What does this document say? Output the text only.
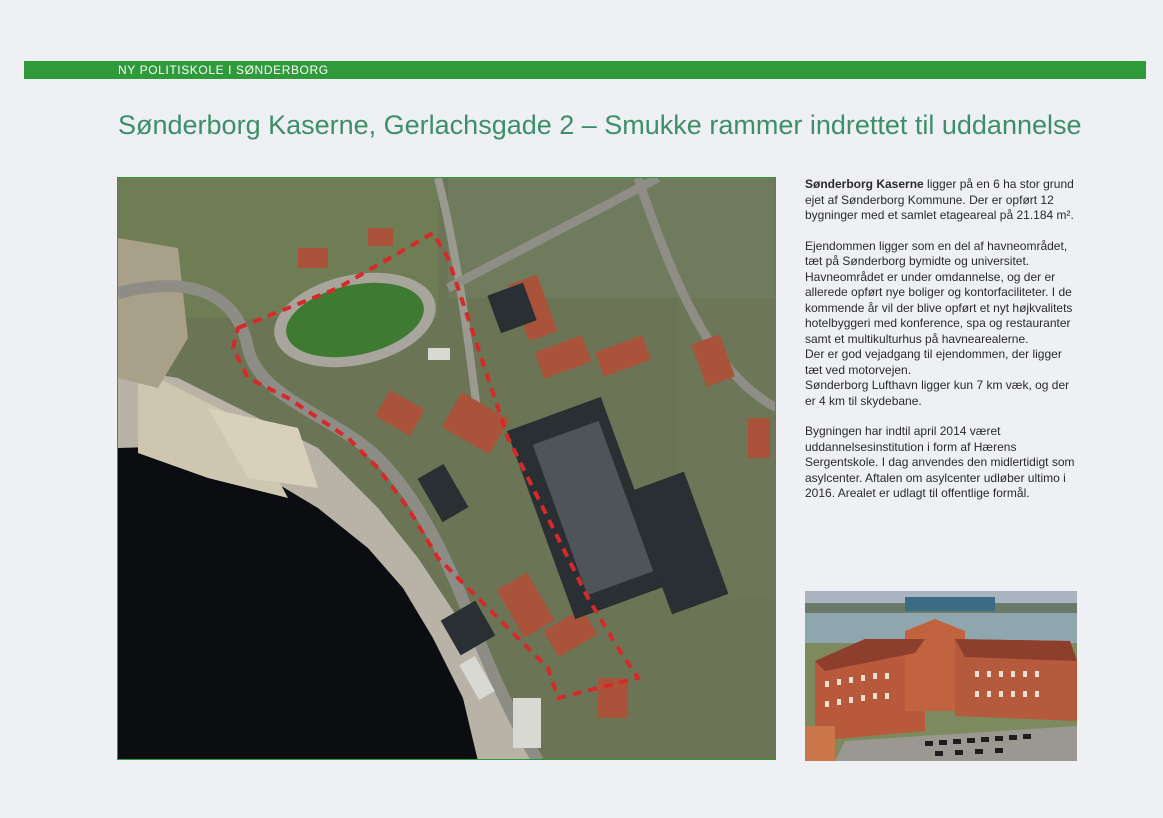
NY POLITISKOLE I SØNDERBORG
Sønderborg Kaserne, Gerlachsgade 2 – Smukke rammer indrettet til uddannelse

Sønderborg Kaserne ligger på en 6 ha stor grund ejet af Sønderborg Kommune. Der er opført 12 bygninger med et samlet etageareal på 21.184 m².

Ejendommen ligger som en del af havneområdet, tæt på Sønderborg bymidte og universitet. Havneområdet er under omdannelse, og der er allerede opført nye boliger og kontorfaciliteter. I de kommende år vil der blive opført et nyt højkvalitets hotelbyggeri med konference, spa og restauranter samt et multikulturhus på havnearealerne.

Der er god vejadgang til ejendommen, der ligger tæt ved motorvejen.

Sønderborg Lufthavn ligger kun 7 km væk, og der er 4 km til skydebane.

Bygningen har indtil april 2014 været uddannelsesinstitution i form af Hærens Sergentskole. I dag anvendes den midlertidigt som asylcenter. Aftalen om asylcenter udløber ultimo i 2016. Arealet er udlagt til offentlige formål.
